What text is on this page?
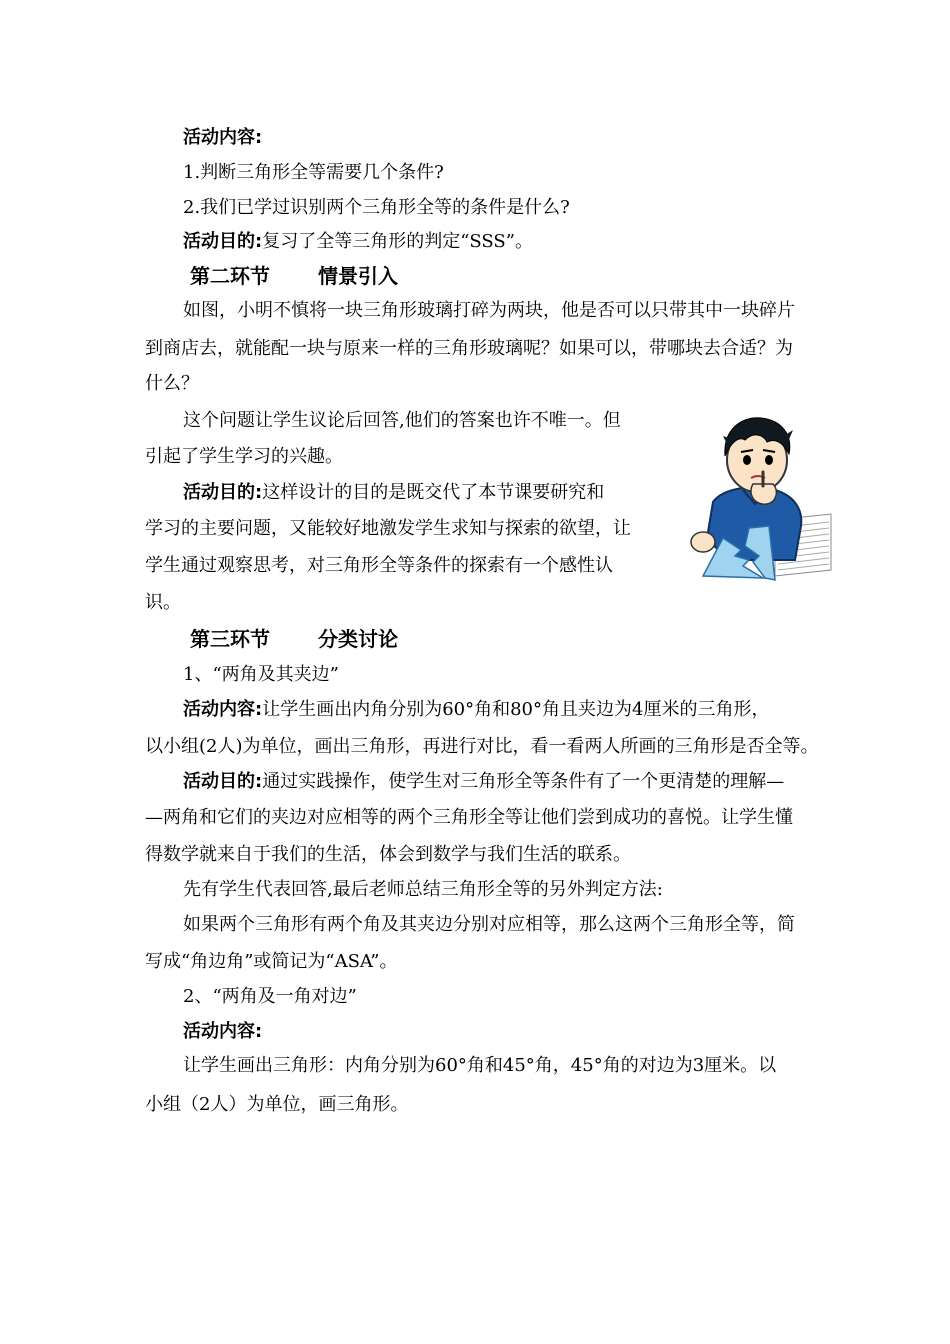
活动内容:
1.判断三角形全等需要几个条件?
2.我们已学过识别两个三角形全等的条件是什么?
活动目的:复习了全等三角形的判定“SSS”。
第二环节 情景引入
如图，小明不慎将一块三角形玻璃打碎为两块，他是否可以只带其中一块碎片
到商店去，就能配一块与原来一样的三角形玻璃呢？如果可以，带哪块去合适？为
什么？
这个问题让学生议论后回答,他们的答案也许不唯一。但
引起了学生学习的兴趣。
活动目的:这样设计的目的是既交代了本节课要研究和
学习的主要问题，又能较好地激发学生求知与探索的欲望，让
学生通过观察思考，对三角形全等条件的探索有一个感性认
识。
第三环节 分类讨论
1、“两角及其夹边”
活动内容:让学生画出内角分别为60°角和80°角且夹边为4厘米的三角形，
以小组(2人)为单位，画出三角形，再进行对比，看一看两人所画的三角形是否全等。
活动目的:通过实践操作，使学生对三角形全等条件有了一个更清楚的理解—
—两角和它们的夹边对应相等的两个三角形全等让他们尝到成功的喜悦。让学生懂
得数学就来自于我们的生活，体会到数学与我们生活的联系。
先有学生代表回答,最后老师总结三角形全等的另外判定方法:
如果两个三角形有两个角及其夹边分别对应相等，那么这两个三角形全等，简
写成“角边角”或简记为“ASA”。
2、“两角及一角对边”
活动内容:
让学生画出三角形：内角分别为60°角和45°角，45°角的对边为3厘米。以
小组（2人）为单位，画三角形。
